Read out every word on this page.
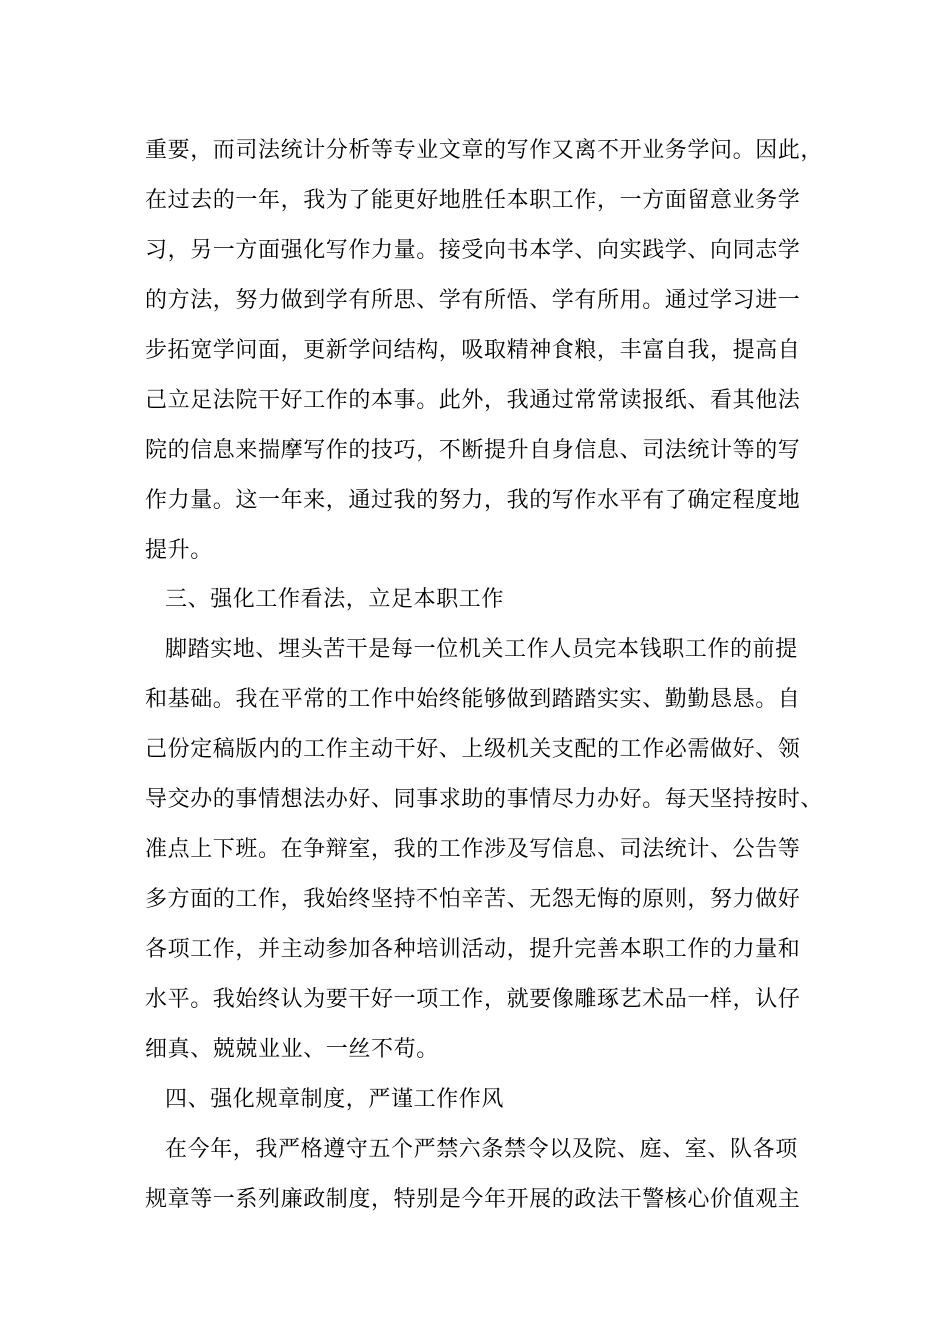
重要，而司法统计分析等专业文章的写作又离不开业务学问。因此，
在过去的一年，我为了能更好地胜任本职工作，一方面留意业务学
习，另一方面强化写作力量。接受向书本学、向实践学、向同志学
的方法，努力做到学有所思、学有所悟、学有所用。通过学习进一
步拓宽学问面，更新学问结构，吸取精神食粮，丰富自我，提高自
己立足法院干好工作的本事。此外，我通过常常读报纸、看其他法
院的信息来揣摩写作的技巧，不断提升自身信息、司法统计等的写
作力量。这一年来，通过我的努力，我的写作水平有了确定程度地
提升。
三、强化工作看法，立足本职工作
脚踏实地、埋头苦干是每一位机关工作人员完本钱职工作的前提
和基础。我在平常的工作中始终能够做到踏踏实实、勤勤恳恳。自
己份定稿版内的工作主动干好、上级机关支配的工作必需做好、领
导交办的事情想法办好、同事求助的事情尽力办好。每天坚持按时、
准点上下班。在争辩室，我的工作涉及写信息、司法统计、公告等
多方面的工作，我始终坚持不怕辛苦、无怨无悔的原则，努力做好
各项工作，并主动参加各种培训活动，提升完善本职工作的力量和
水平。我始终认为要干好一项工作，就要像雕琢艺术品一样，认仔
细真、兢兢业业、一丝不苟。
四、强化规章制度，严谨工作作风
在今年，我严格遵守五个严禁六条禁令以及院、庭、室、队各项
规章等一系列廉政制度，特别是今年开展的政法干警核心价值观主
